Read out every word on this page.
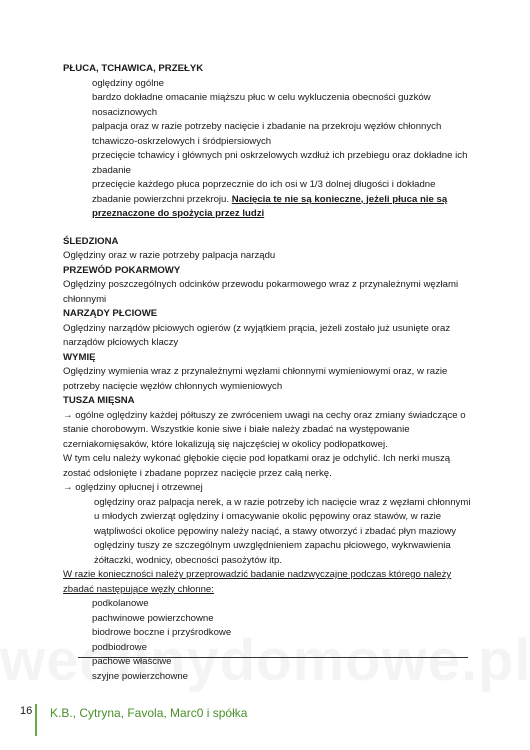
PŁUCA, TCHAWICA, PRZEŁYK
oględziny ogólne
bardzo dokładne omacanie miąższu płuc w celu wykluczenia obecności guzków nosaciznowych
palpacja oraz w razie potrzeby nacięcie i zbadanie na przekroju węzłów chłonnych tchawiczo-oskrzelowych i śródpiersiowych
przecięcie tchawicy i głównych pni oskrzelowych wzdłuż ich przebiegu oraz dokładne ich zbadanie
przecięcie każdego płuca poprzecznie do ich osi w 1/3 dolnej długości i dokładne zbadanie powierzchni przekroju. Nacięcia te nie są konieczne, jeżeli płuca nie są przeznaczone do spożycia przez ludzi
ŚLEDZIONA
Oględziny oraz w razie potrzeby palpacja narządu
PRZEWÓD POKARMOWY
Oględziny poszczególnych odcinków przewodu pokarmowego wraz z przynależnymi węzłami chłonnymi
NARZĄDY PŁCIOWE
Oględziny narządów płciowych ogierów (z wyjątkiem prącia, jeżeli zostało już usunięte oraz narządów płciowych klaczy
WYMIĘ
Oględziny wymienia wraz z przynależnymi węzłami chłonnymi wymieniowymi oraz, w razie potrzeby nacięcie węzłów chłonnych wymieniowych
TUSZA MIĘSNA
→ ogólne oględziny każdej półtuszy ze zwróceniem uwagi na cechy oraz zmiany świadczące o stanie chorobowym. Wszystkie konie siwe i białe należy zbadać na występowanie czerniakomięsaków, które lokalizują się najczęściej w okolicy podłopatkowej.
W tym celu należy wykonać głębokie cięcie pod łopatkami oraz je odchylić. Ich nerki muszą zostać odsłonięte i zbadane poprzez nacięcie przez całą nerkę.
→ oględziny opłucnej i otrzewnej
oględziny oraz palpacja nerek, a w razie potrzeby ich nacięcie wraz z węzłami chłonnymi
u młodych zwierząt oględziny i omacywanie okolic pępowiny oraz stawów, w razie wątpliwości okolice pępowiny należy naciąć, a stawy otworzyć i zbadać płyn maziowy
oględziny tuszy ze szczególnym uwzględnieniem zapachu płciowego, wykrwawienia żółtaczki, wodnicy, obecności pasożytów itp.
W razie konieczności należy przeprowadzić badanie nadzwyczajne podczas którego należy zbadać następujące węzły chłonne:
podkolanowe
pachwinowe powierzchowne
biodrowe boczne i przyśrodkowe
podbiodrowe
pachowe właściwe
szyjne powierzchowne
16 K.B., Cytryna, Favola, Marc0 i spółka
